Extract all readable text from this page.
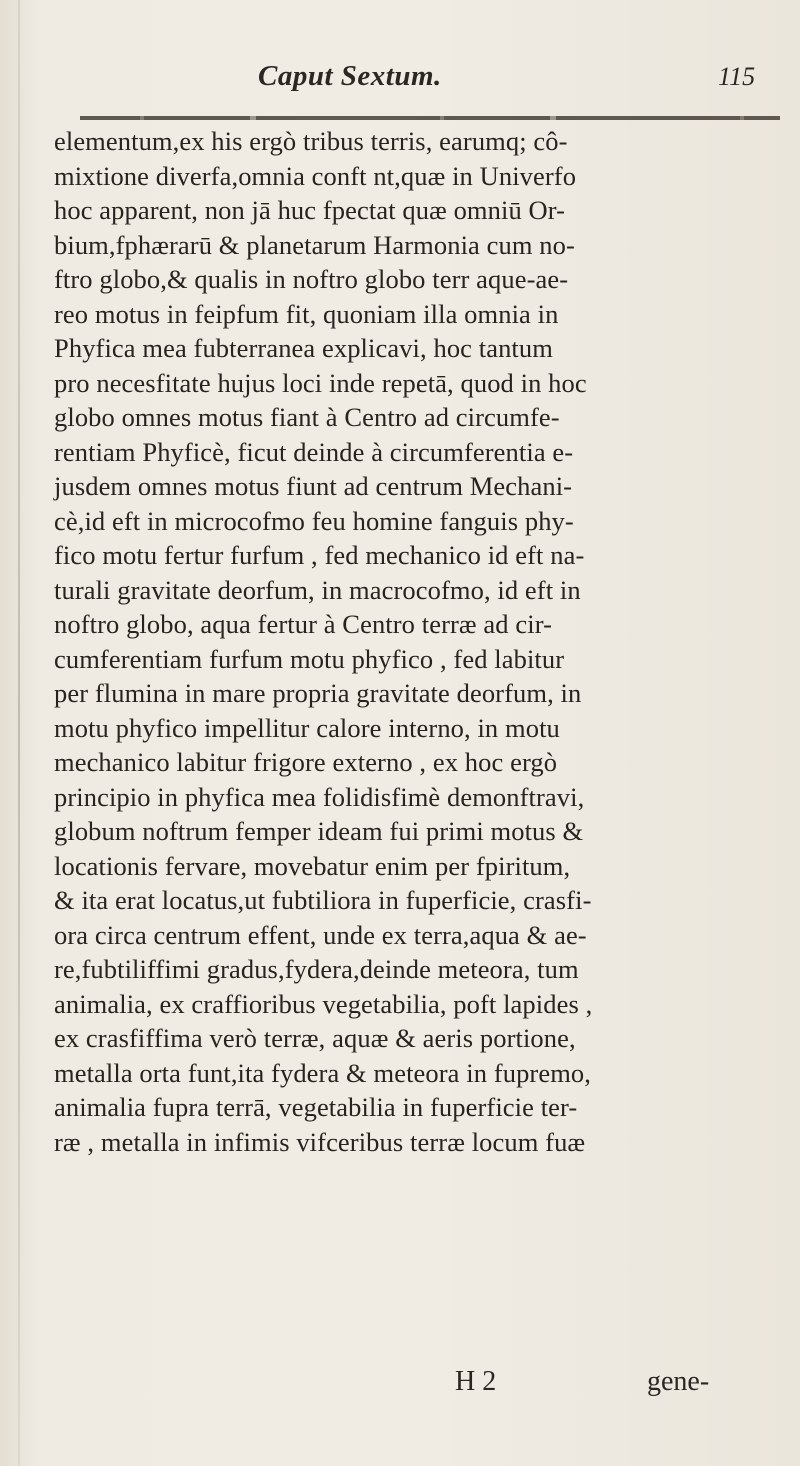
Caput Sextum.	115
elementum,ex his ergò tribus terris, earumq; cô-
mixtione diverfa,omnia conft nt,quæ in Univerfo
hoc apparent, non jā huc fpectat quæ omniū Or-
bium,fphærarū & planetarum Harmonia cum no-
ftro globo,& qualis in noftro globo terr aque-ae-
reo motus in feipfum fit, quoniam illa omnia in
Phyfica mea fubterranea explicavi, hoc tantum
pro necesfitate hujus loci inde repetā, quod in hoc
globo omnes motus fiant à Centro ad circumfe-
rentiam Phyficè, ficut deinde à circumferentia e-
jusdem omnes motus fiunt ad centrum Mechani-
cè,id eft in microcofmo feu homine fanguis phy-
fico motu fertur furfum , fed mechanico id eft na-
turali gravitate deorfum, in macrocofmo, id eft in
noftro globo, aqua fertur à Centro terræ ad cir-
cumferentiam furfum motu phyfico , fed labitur
per flumina in mare propria gravitate deorfum, in
motu phyfico impellitur calore interno, in motu
mechanico labitur frigore externo , ex hoc ergò
principio in phyfica mea folidisfimè demonftravi,
globum noftrum femper ideam fui primi motus &
locationis fervare, movebatur enim per fpiritum,
& ita erat locatus,ut fubtiliora in fuperficie, crasfi-
ora circa centrum effent, unde ex terra,aqua & ae-
re,fubtiliffimi gradus,fydera,deinde meteora, tum
animalia, ex craffioribus vegetabilia, poft lapides ,
ex crasfiffima verò terræ, aquæ & aeris portione,
metalla orta funt,ita fydera & meteora in fupremo,
animalia fupra terrā, vegetabilia in fuperficie ter-
ræ , metalla in infimis vifceribus terræ locum fuæ
H 2	gene-
